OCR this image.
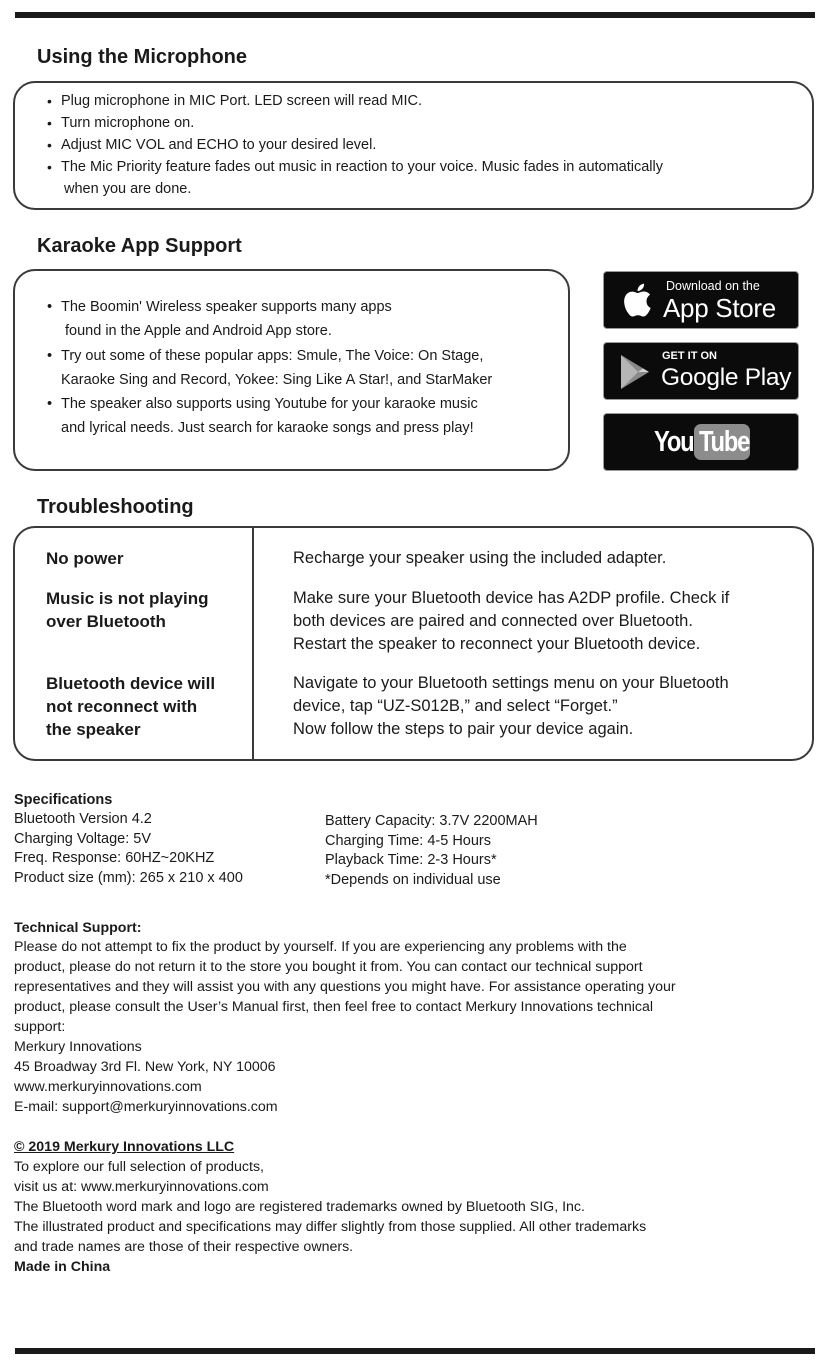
Using the Microphone
• Plug microphone in MIC Port. LED screen will read MIC.
• Turn microphone on.
• Adjust MIC VOL and ECHO to your desired level.
• The Mic Priority feature fades out music in reaction to your voice. Music fades in automatically
when you are done.
Karaoke App Support
• The Boomin' Wireless speaker supports many apps
found in the Apple and Android App store.
• Try out some of these popular apps: Smule, The Voice: On Stage,
Karaoke Sing and Record, Yokee: Sing Like A Star!, and StarMaker
• The speaker also supports using Youtube for your karaoke music
and lyrical needs. Just search for karaoke songs and press play!
Download on the
App Store
GET IT ON
Google Play
You Tube
Troubleshooting
No power	Recharge your speaker using the included adapter.
Music is not playing
over Bluetooth
Make sure your Bluetooth device has A2DP profile. Check if
both devices are paired and connected over Bluetooth.
Restart the speaker to reconnect your Bluetooth device.
Bluetooth device will
not reconnect with
the speaker
Navigate to your Bluetooth settings menu on your Bluetooth
device, tap “UZ-S012B,” and select “Forget.”
Now follow the steps to pair your device again.
Specifications
Bluetooth Version 4.2
Charging Voltage: 5V
Freq. Response: 60HZ~20KHZ
Product size (mm): 265 x 210 x 400
Battery Capacity: 3.7V 2200MAH
Charging Time: 4-5 Hours
Playback Time: 2-3 Hours*
*Depends on individual use
Technical Support:
Please do not attempt to fix the product by yourself. If you are experiencing any problems with the
product, please do not return it to the store you bought it from. You can contact our technical support
representatives and they will assist you with any questions you might have. For assistance operating your
product, please consult the User’s Manual first, then feel free to contact Merkury Innovations technical
support:
Merkury Innovations
45 Broadway 3rd Fl. New York, NY 10006
www.merkuryinnovations.com
E-mail: support@merkuryinnovations.com
© 2019 Merkury Innovations LLC
To explore our full selection of products,
visit us at: www.merkuryinnovations.com
The Bluetooth word mark and logo are registered trademarks owned by Bluetooth SIG, Inc.
The illustrated product and specifications may differ slightly from those supplied. All other trademarks
and trade names are those of their respective owners.
Made in China
